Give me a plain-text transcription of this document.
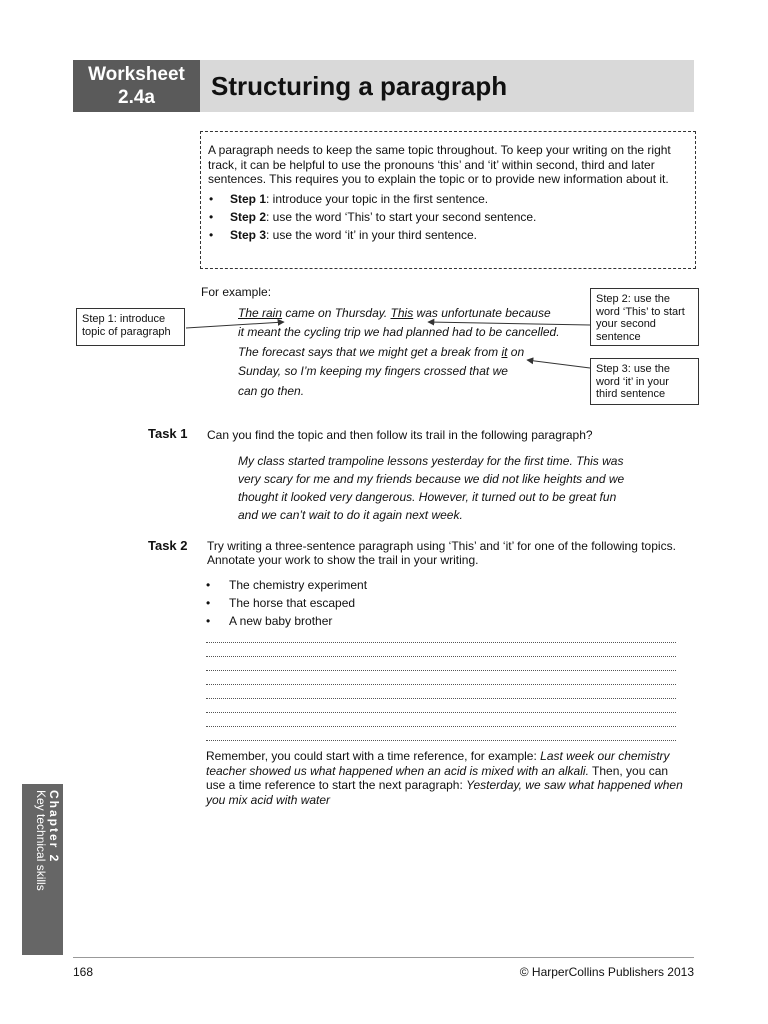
Worksheet
2.4a	Structuring a paragraph

A paragraph needs to keep the same topic throughout. To keep your writing on the right track, it can be helpful to use the pronouns ‘this’ and ‘it’ within second, third and later sentences. This requires you to explain the topic or to provide new information about it.

• Step 1: introduce your topic in the first sentence.
• Step 2: use the word ‘This’ to start your second sentence.
• Step 3: use the word ‘it’ in your third sentence.
For example:
The rain came on Thursday. This was unfortunate because
it meant the cycling trip we had planned had to be cancelled.
The forecast says that we might get a break from it on
Sunday, so I’m keeping my fingers crossed that we
can go then.
Step 1: introduce topic of paragraph
Step 2: use the word ‘This’ to start your second sentence
Step 3: use the word ‘it’ in your third sentence
Task 1 Can you find the topic and then follow its trail in the following paragraph?
My class started trampoline lessons yesterday for the first time. This was very scary for me and my friends because we did not like heights and we thought it looked very dangerous. However, it turned out to be great fun and we can’t wait to do it again next week.
Task 2 Try writing a three-sentence paragraph using ‘This’ and ‘it’ for one of the following topics. Annotate your work to show the trail in your writing.
• The chemistry experiment
• The horse that escaped
• A new baby brother
Remember, you could start with a time reference, for example: Last week our chemistry teacher showed us what happened when an acid is mixed with an alkali. Then, you can use a time reference to start the next paragraph: Yesterday, we saw what happened when you mix acid with water
Chapter 2
Key technical skills
168	© HarperCollins Publishers 2013
